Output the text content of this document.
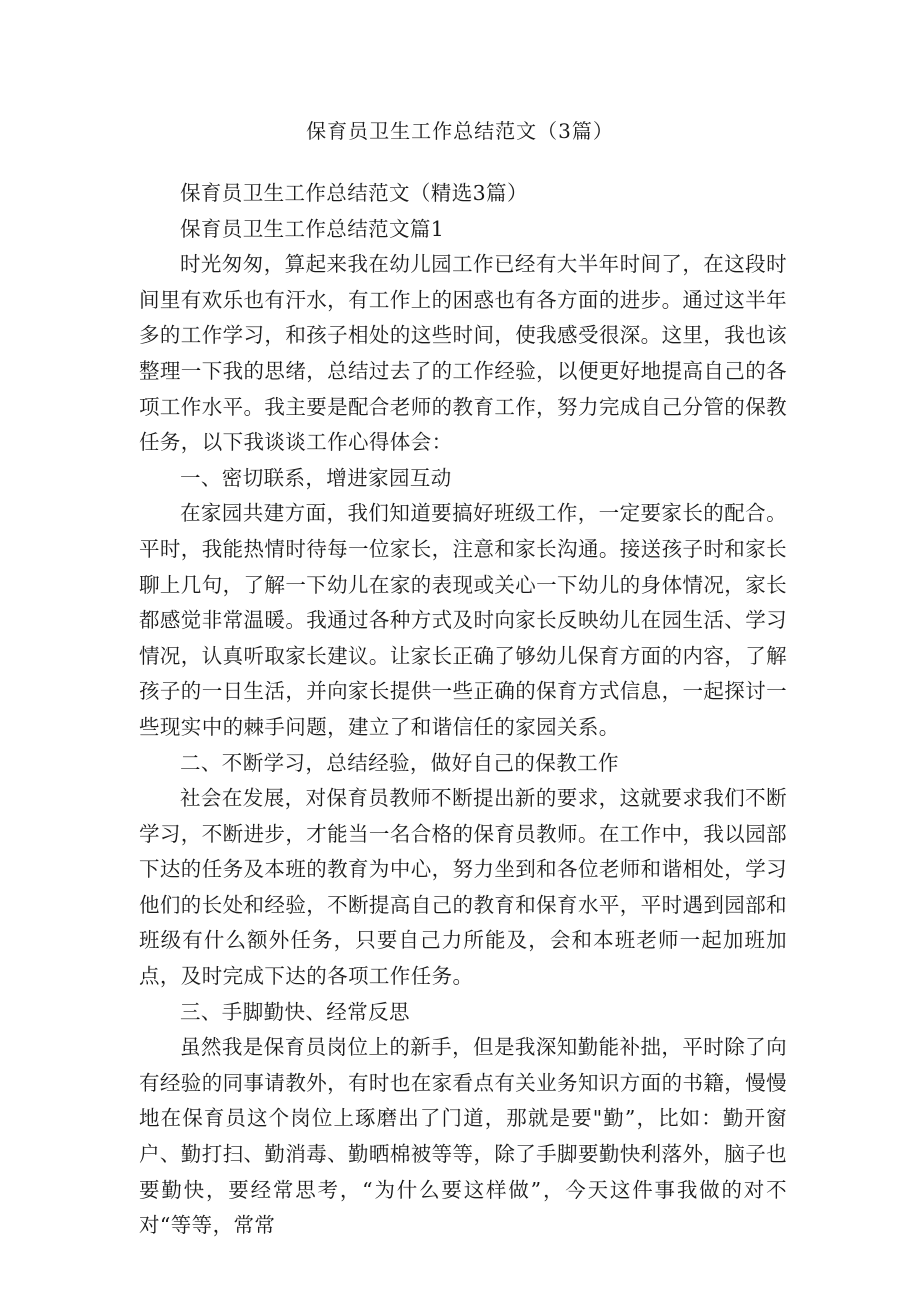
保育员卫生工作总结范文（3篇）

保育员卫生工作总结范文（精选3篇）

保育员卫生工作总结范文篇1

时光匆匆，算起来我在幼儿园工作已经有大半年时间了，在这段时间里有欢乐也有汗水，有工作上的困惑也有各方面的进步。通过这半年多的工作学习，和孩子相处的这些时间，使我感受很深。这里，我也该整理一下我的思绪，总结过去了的工作经验，以便更好地提高自己的各项工作水平。我主要是配合老师的教育工作，努力完成自己分管的保教任务，以下我谈谈工作心得体会：

一、密切联系，增进家园互动

在家园共建方面，我们知道要搞好班级工作，一定要家长的配合。平时，我能热情时待每一位家长，注意和家长沟通。接送孩子时和家长聊上几句，了解一下幼儿在家的表现或关心一下幼儿的身体情况，家长都感觉非常温暖。我通过各种方式及时向家长反映幼儿在园生活、学习情况，认真听取家长建议。让家长正确了够幼儿保育方面的内容，了解孩子的一日生活，并向家长提供一些正确的保育方式信息，一起探讨一些现实中的棘手问题，建立了和谐信任的家园关系。

二、不断学习，总结经验，做好自己的保教工作

社会在发展，对保育员教师不断提出新的要求，这就要求我们不断学习，不断进步，才能当一名合格的保育员教师。在工作中，我以园部下达的任务及本班的教育为中心，努力坐到和各位老师和谐相处，学习他们的长处和经验，不断提高自己的教育和保育水平，平时遇到园部和班级有什么额外任务，只要自己力所能及，会和本班老师一起加班加点，及时完成下达的各项工作任务。

三、手脚勤快、经常反思

虽然我是保育员岗位上的新手，但是我深知勤能补拙，平时除了向有经验的同事请教外，有时也在家看点有关业务知识方面的书籍，慢慢地在保育员这个岗位上琢磨出了门道，那就是要"勤”，比如：勤开窗户、勤打扫、勤消毒、勤晒棉被等等，除了手脚要勤快利落外，脑子也要勤快，要经常思考，“为什么要这样做”，今天这件事我做的对不对“等等，常常
